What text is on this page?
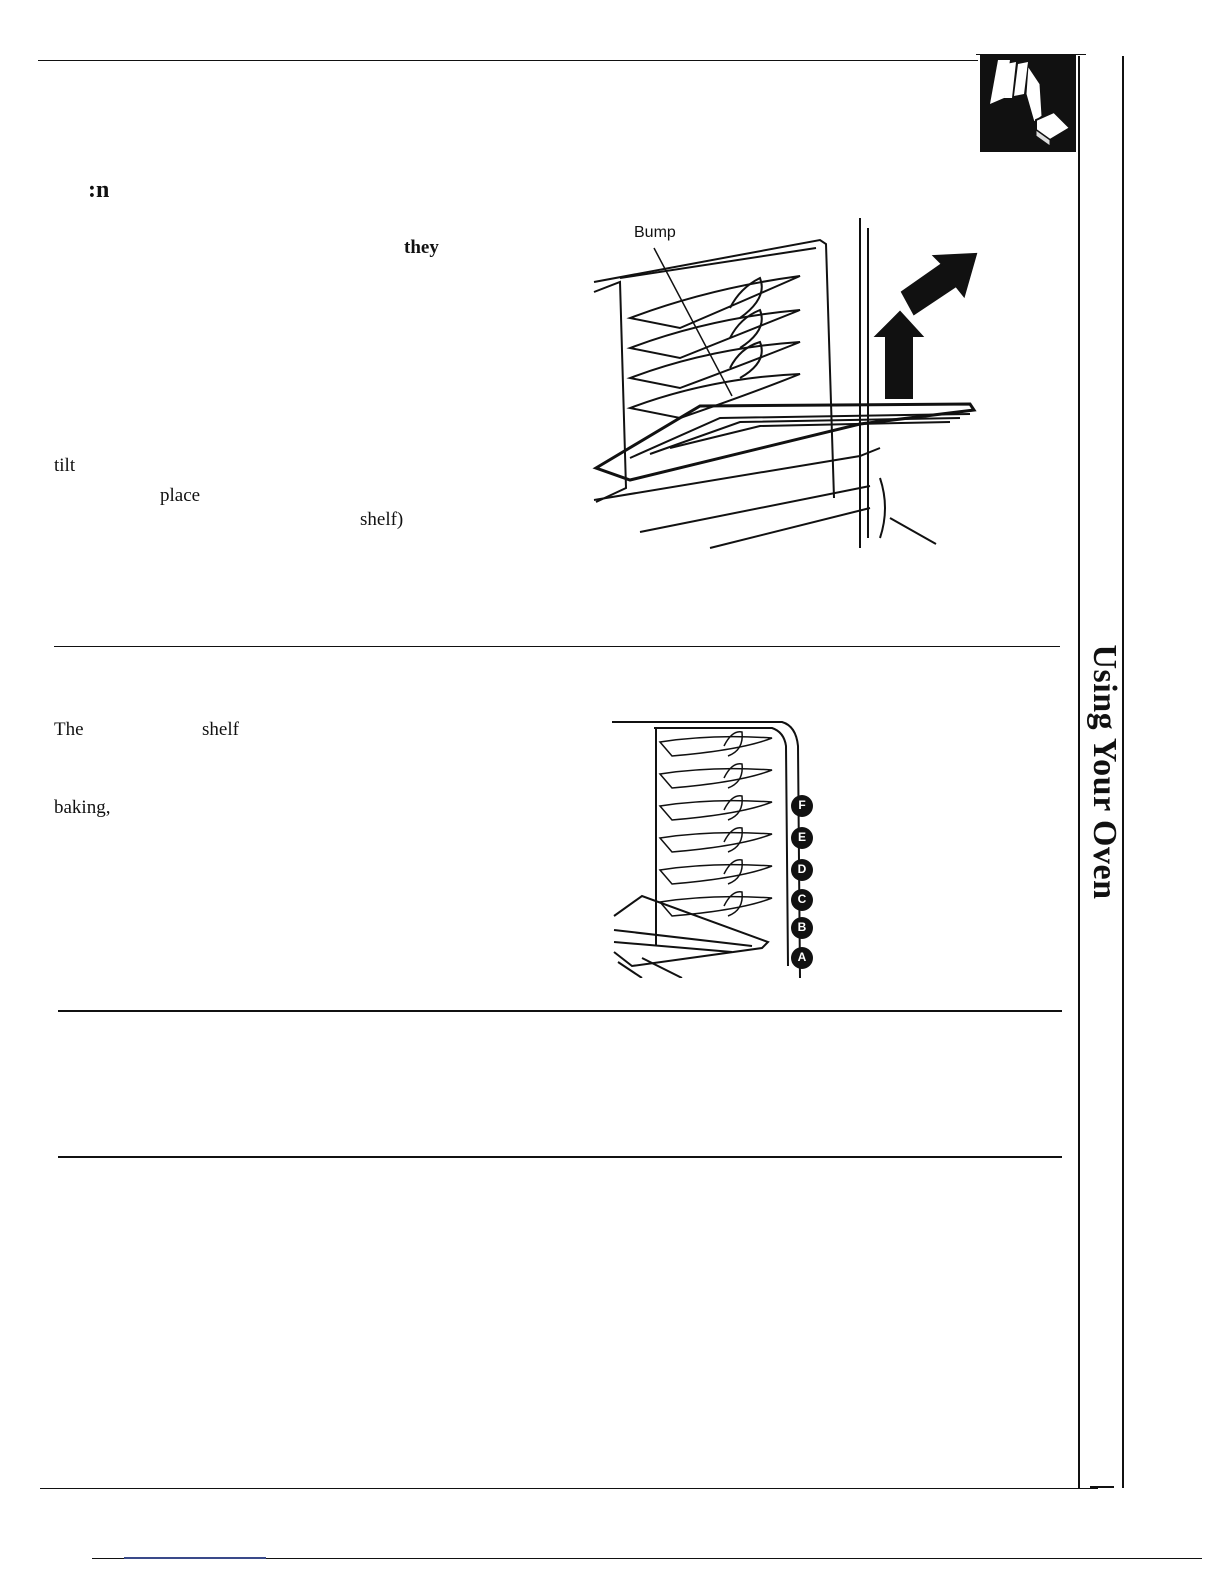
Using Your Oven
:n
they
tilt
place
shelf)
Bump
The	shelf
baking,	F
E
D
C
B
A
